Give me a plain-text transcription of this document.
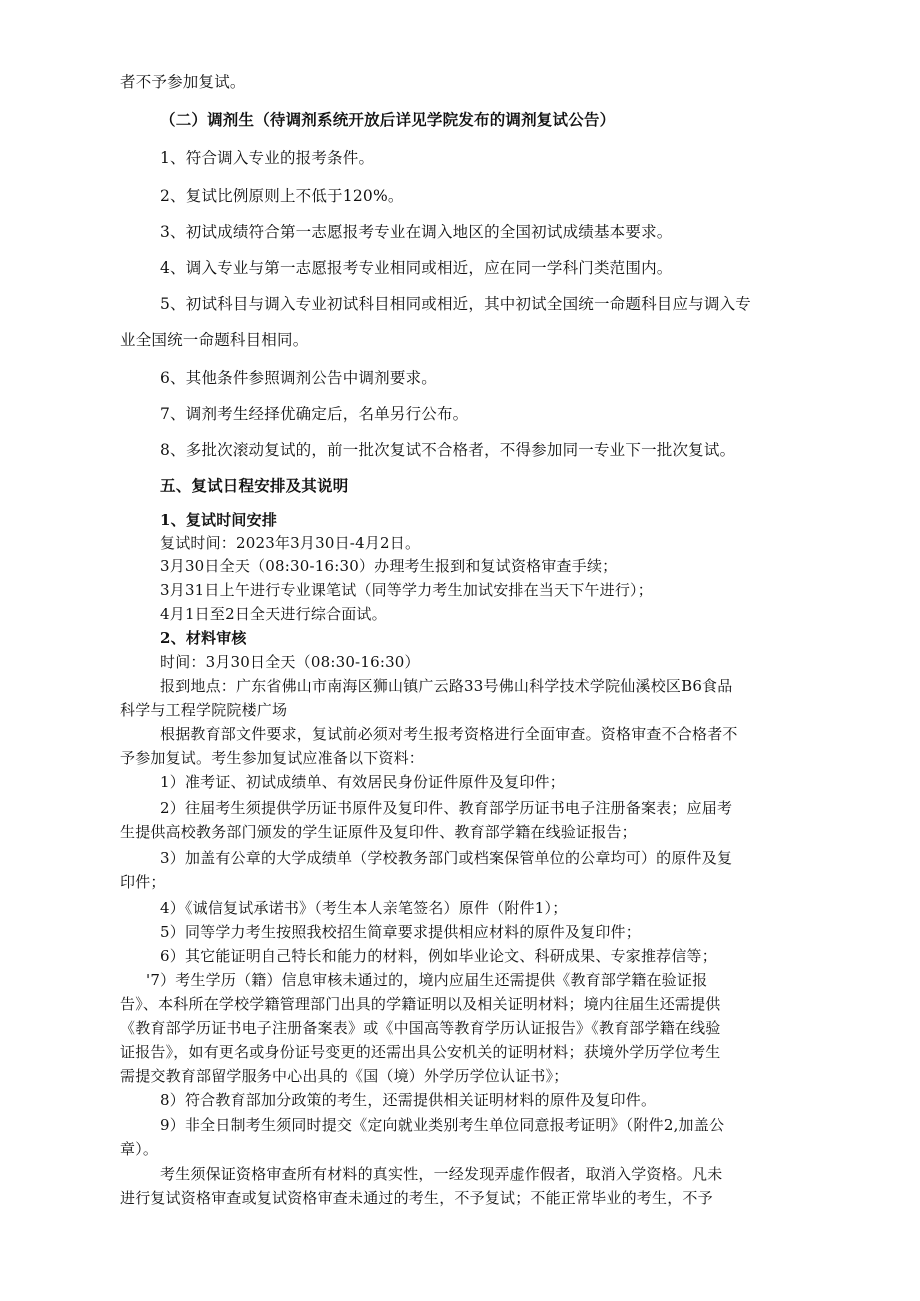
者不予参加复试。
（二）调剂生（待调剂系统开放后详见学院发布的调剂复试公告）
1、符合调入专业的报考条件。
2、复试比例原则上不低于120%。
3、初试成绩符合第一志愿报考专业在调入地区的全国初试成绩基本要求。
4、调入专业与第一志愿报考专业相同或相近，应在同一学科门类范围内。
5、初试科目与调入专业初试科目相同或相近，其中初试全国统一命题科目应与调入专
业全国统一命题科目相同。
6、其他条件参照调剂公告中调剂要求。
7、调剂考生经择优确定后，名单另行公布。
8、多批次滚动复试的，前一批次复试不合格者，不得参加同一专业下一批次复试。
五、复试日程安排及其说明
1、复试时间安排
复试时间：2023年3月30日-4月2日。
3月30日全天（08:30-16:30）办理考生报到和复试资格审查手续；
3月31日上午进行专业课笔试（同等学力考生加试安排在当天下午进行）；
4月1日至2日全天进行综合面试。
2、材料审核
时间：3月30日全天（08:30-16:30）
报到地点：广东省佛山市南海区狮山镇广云路33号佛山科学技术学院仙溪校区B6食品
科学与工程学院院楼广场
根据教育部文件要求，复试前必须对考生报考资格进行全面审查。资格审查不合格者不
予参加复试。考生参加复试应准备以下资料：
1）准考证、初试成绩单、有效居民身份证件原件及复印件；
2）往届考生须提供学历证书原件及复印件、教育部学历证书电子注册备案表；应届考
生提供高校教务部门颁发的学生证原件及复印件、教育部学籍在线验证报告；
3）加盖有公章的大学成绩单（学校教务部门或档案保管单位的公章均可）的原件及复
印件；
4）《诚信复试承诺书》（考生本人亲笔签名）原件（附件1）；
5）同等学力考生按照我校招生简章要求提供相应材料的原件及复印件；
6）其它能证明自己特长和能力的材料，例如毕业论文、科研成果、专家推荐信等；
'7）考生学历（籍）信息审核未通过的，境内应届生还需提供《教育部学籍在验证报
告》、本科所在学校学籍管理部门出具的学籍证明以及相关证明材料；境内往届生还需提供
《教育部学历证书电子注册备案表》或《中国高等教育学历认证报告》《教育部学籍在线验
证报告》，如有更名或身份证号变更的还需出具公安机关的证明材料；获境外学历学位考生
需提交教育部留学服务中心出具的《国（境）外学历学位认证书》；
8）符合教育部加分政策的考生，还需提供相关证明材料的原件及复印件。
9）非全日制考生须同时提交《定向就业类别考生单位同意报考证明》（附件2,加盖公
章）。
考生须保证资格审查所有材料的真实性，一经发现弄虚作假者，取消入学资格。凡未
进行复试资格审查或复试资格审查未通过的考生，不予复试；不能正常毕业的考生，不予
